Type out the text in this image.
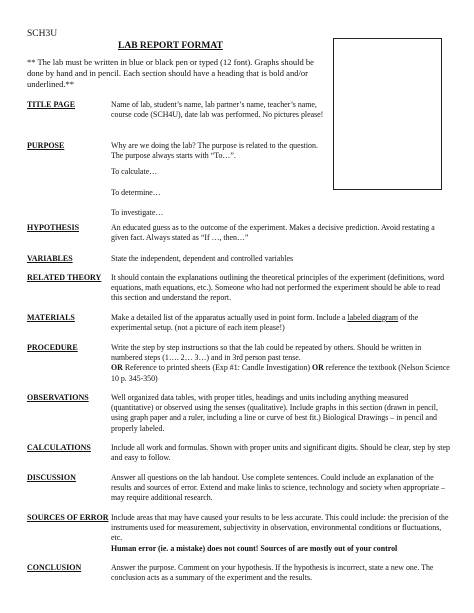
SCH3U
LAB REPORT FORMAT
** The lab must be written in blue or black pen or typed (12 font). Graphs should be done by hand and in pencil. Each section should have a heading that is bold and/or underlined.**
TITLE PAGE	Name of lab, student’s name, lab partner’s name, teacher’s name, course code (SCH4U), date lab was performed. No pictures please!
PURPOSE	Why are we doing the lab? The purpose is related to the question. The purpose always starts with “To…”.

To calculate…

To determine…

To investigate…

HYPOTHESIS	An educated guess as to the outcome of the experiment. Makes a decisive prediction. Avoid restating a given fact. Always stated as “If …, then…”
VARIABLES	State the independent, dependent and controlled variables
RELATED THEORY It should contain the explanations outlining the theoretical principles of the experiment (definitions, word equations, math equations, etc.). Someone who had not performed the experiment should be able to read this section and understand the report.
MATERIALS	Make a detailed list of the apparatus actually used in point form. Include a labeled diagram of the experimental setup. (not a picture of each item please!)
PROCEDURE	Write the step by step instructions so that the lab could be repeated by others. Should be written in numbered steps (1…. 2… 3…) and in 3rd person past tense.
OR Reference to printed sheets (Exp #1: Candle Investigation) OR reference the textbook (Nelson Science 10 p. 345-350)
OBSERVATIONS	Well organized data tables, with proper titles, headings and units including anything measured (quantitative) or observed using the senses (qualitative). Include graphs in this section (drawn in pencil, using graph paper and a ruler, including a line or curve of best fit.) Biological Drawings – in pencil and properly labeled.
CALCULATIONS	Include all work and formulas. Shown with proper units and significant digits. Should be clear, step by step and easy to follow.
DISCUSSION	Answer all questions on the lab handout. Use complete sentences. Could include an explanation of the results and sources of error. Extend and make links to science, technology and society when appropriate – may require additional research.
SOURCES OF ERROR Include areas that may have caused your results to be less accurate. This could include: the precision of the instruments used for measurement, subjectivity in observation, environmental conditions or fluctuations, etc.
Human error (ie. a mistake) does not count! Sources of are mostly out of your control
CONCLUSION	Answer the purpose. Comment on your hypothesis. If the hypothesis is incorrect, state a new one. The conclusion acts as a summary of the experiment and the results.
